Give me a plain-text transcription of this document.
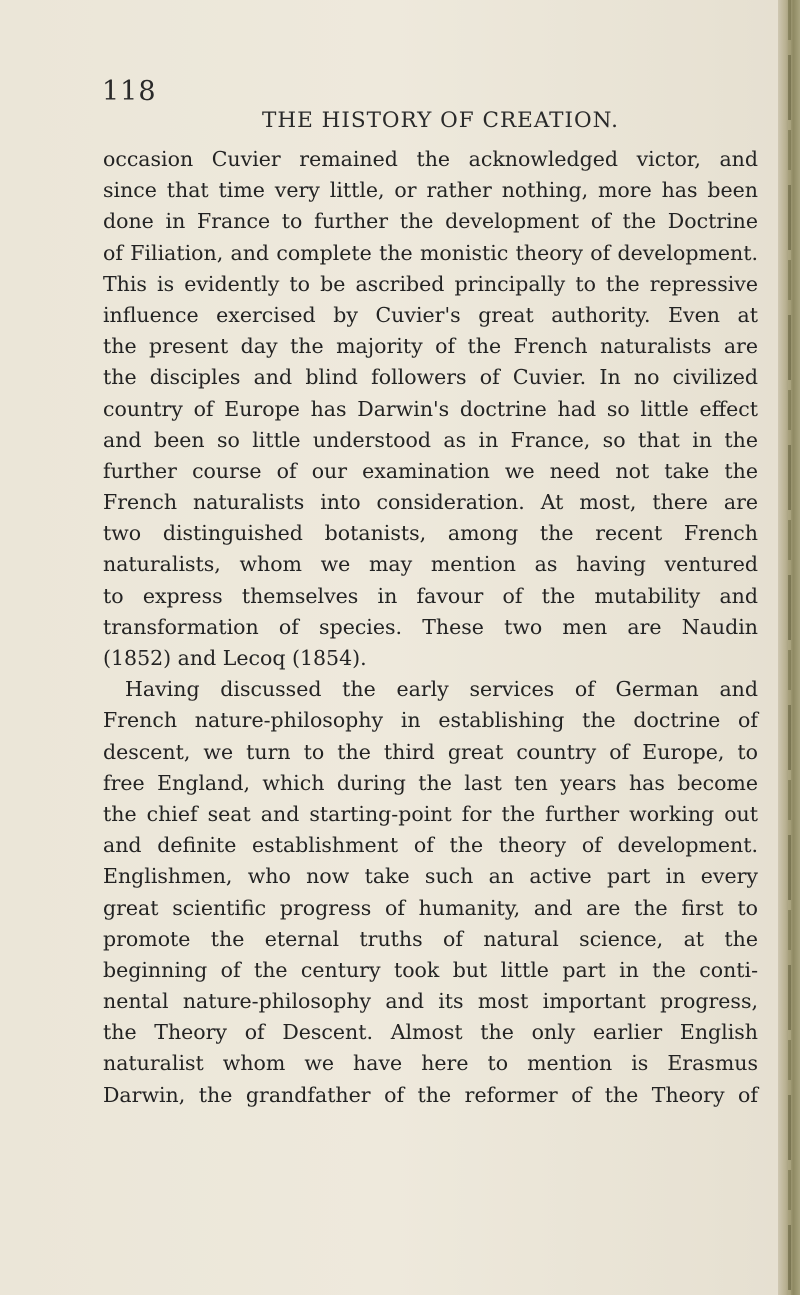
118
THE HISTORY OF CREATION.
occasion Cuvier remained the acknowledged victor, and
since that time very little, or rather nothing, more has been
done in France to further the development of the Doctrine
of Filiation, and complete the monistic theory of development.
This is evidently to be ascribed principally to the repressive
influence exercised by Cuvier's great authority. Even at
the present day the majority of the French naturalists are
the disciples and blind followers of Cuvier. In no civilized
country of Europe has Darwin's doctrine had so little effect
and been so little understood as in France, so that in the
further course of our examination we need not take the
French naturalists into consideration. At most, there are
two distinguished botanists, among the recent French
naturalists, whom we may mention as having ventured
to express themselves in favour of the mutability and
transformation of species. These two men are Naudin
(1852) and Lecoq (1854).
Having discussed the early services of German and
French nature-philosophy in establishing the doctrine of
descent, we turn to the third great country of Europe, to
free England, which during the last ten years has become
the chief seat and starting-point for the further working out
and definite establishment of the theory of development.
Englishmen, who now take such an active part in every
great scientific progress of humanity, and are the first to
promote the eternal truths of natural science, at the
beginning of the century took but little part in the conti-
nental nature-philosophy and its most important progress,
the Theory of Descent. Almost the only earlier English
naturalist whom we have here to mention is Erasmus
Darwin, the grandfather of the reformer of the Theory of
